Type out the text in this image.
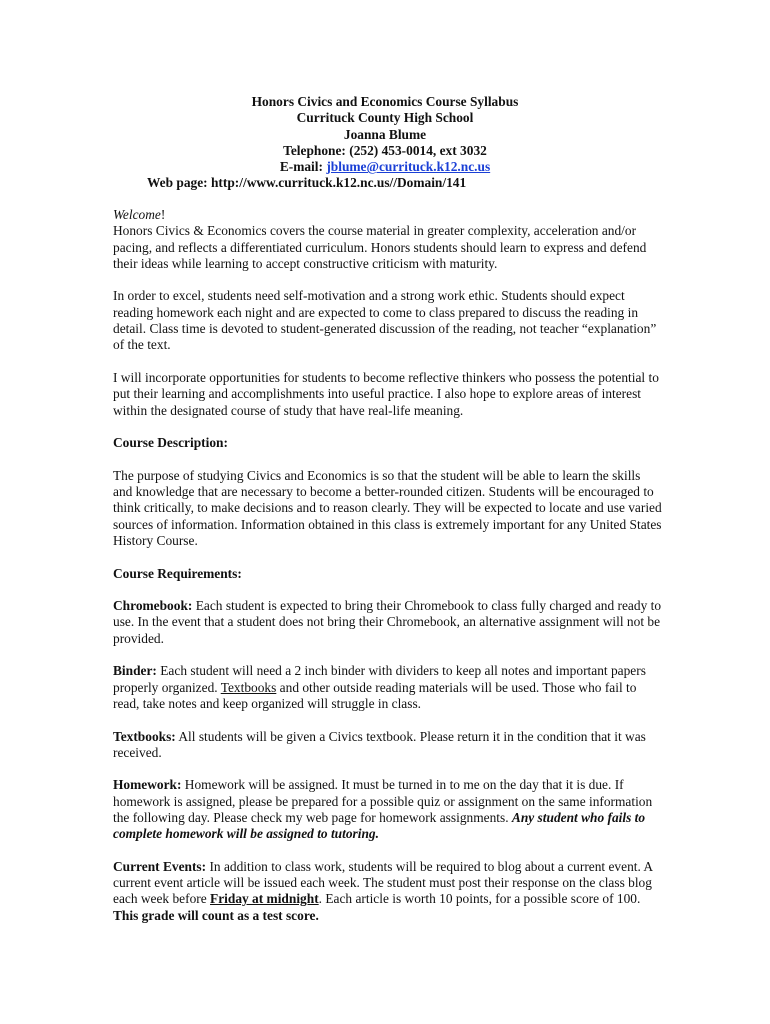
Honors Civics and Economics Course Syllabus
Currituck County High School
Joanna Blume
Telephone: (252) 453-0014, ext 3032
E-mail: jblume@currituck.k12.nc.us
Web page: http://www.currituck.k12.nc.us//Domain/141

Welcome!
Honors Civics & Economics covers the course material in greater complexity, acceleration and/or pacing, and reflects a differentiated curriculum. Honors students should learn to express and defend their ideas while learning to accept constructive criticism with maturity.

In order to excel, students need self-motivation and a strong work ethic. Students should expect reading homework each night and are expected to come to class prepared to discuss the reading in detail. Class time is devoted to student-generated discussion of the reading, not teacher “explanation” of the text.

I will incorporate opportunities for students to become reflective thinkers who possess the potential to put their learning and accomplishments into useful practice. I also hope to explore areas of interest within the designated course of study that have real-life meaning.

Course Description:

The purpose of studying Civics and Economics is so that the student will be able to learn the skills and knowledge that are necessary to become a better-rounded citizen. Students will be encouraged to think critically, to make decisions and to reason clearly. They will be expected to locate and use varied sources of information. Information obtained in this class is extremely important for any United States History Course.

Course Requirements:

Chromebook: Each student is expected to bring their Chromebook to class fully charged and ready to use. In the event that a student does not bring their Chromebook, an alternative assignment will not be provided.

Binder: Each student will need a 2 inch binder with dividers to keep all notes and important papers properly organized. Textbooks and other outside reading materials will be used. Those who fail to read, take notes and keep organized will struggle in class.

Textbooks: All students will be given a Civics textbook. Please return it in the condition that it was received.

Homework: Homework will be assigned. It must be turned in to me on the day that it is due. If homework is assigned, please be prepared for a possible quiz or assignment on the same information the following day. Please check my web page for homework assignments. Any student who fails to complete homework will be assigned to tutoring.

Current Events: In addition to class work, students will be required to blog about a current event. A current event article will be issued each week. The student must post their response on the class blog each week before Friday at midnight. Each article is worth 10 points, for a possible score of 100. This grade will count as a test score.
